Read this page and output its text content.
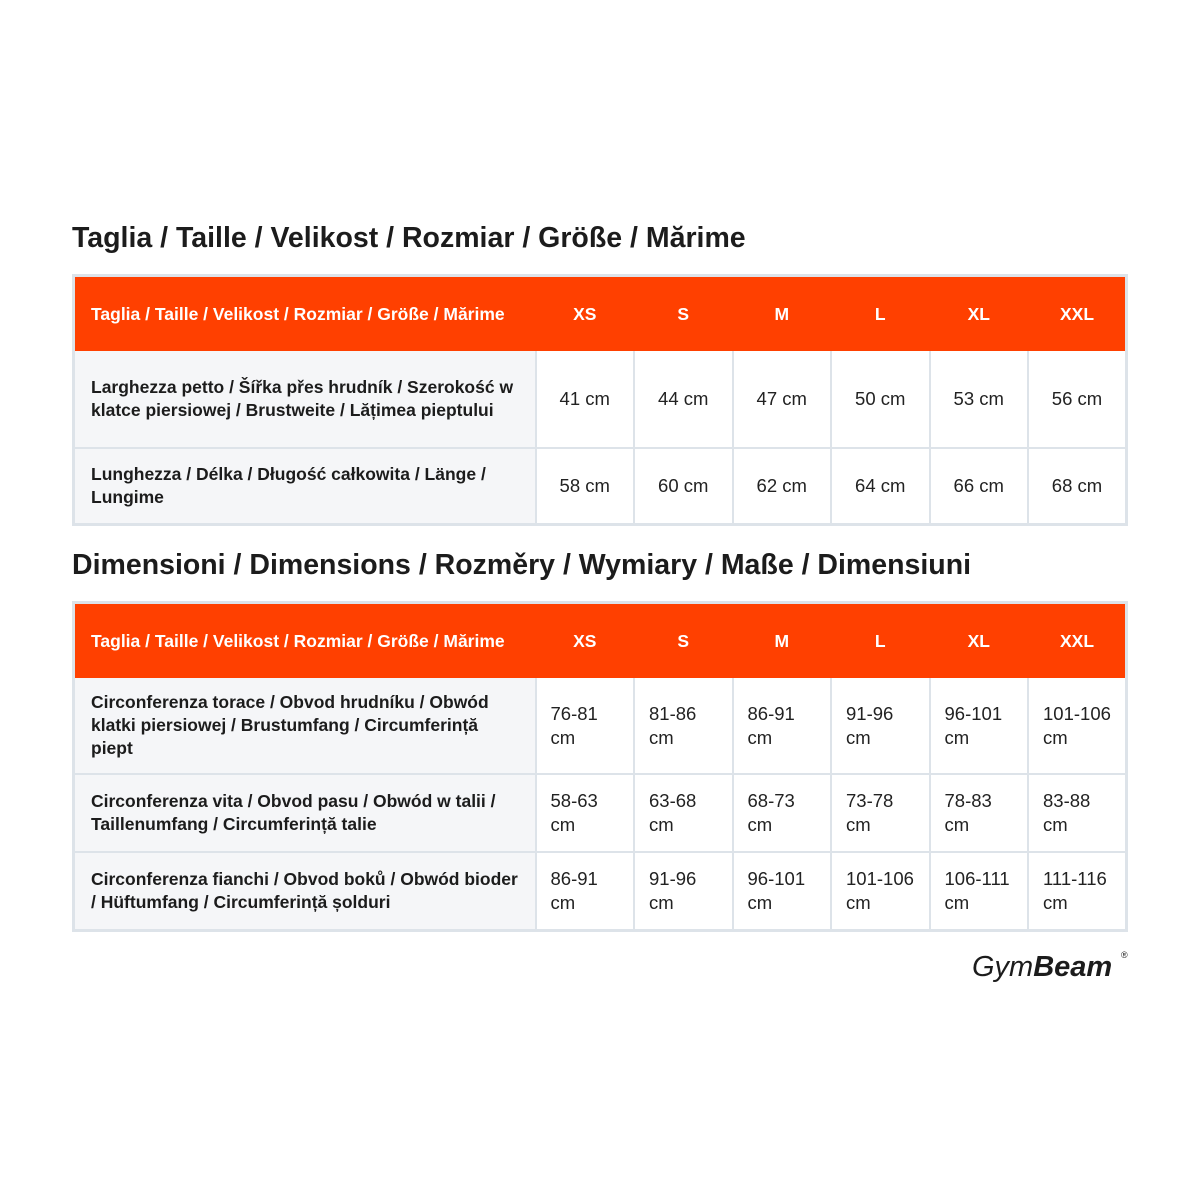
Taglia / Taille / Velikost / Rozmiar / Größe / Mărime
Taglia / Taille / Velikost / Rozmiar / Größe / Mărime	XS	S	M	L	XL	XXL
Larghezza petto / Šířka přes hrudník / Szerokość w klatce piersiowej / Brustweite / Lățimea pieptului	41 cm	44 cm	47 cm	50 cm	53 cm	56 cm
Lunghezza / Délka / Długość całkowita / Länge / Lungime	58 cm	60 cm	62 cm	64 cm	66 cm	68 cm
Dimensioni / Dimensions / Rozměry / Wymiary / Maße / Dimensiuni
Taglia / Taille / Velikost / Rozmiar / Größe / Mărime	XS	S	M	L	XL	XXL
Circonferenza torace / Obvod hrudníku / Obwód klatki piersiowej / Brustumfang / Circumferință piept	76-81 cm	81-86 cm	86-91 cm	91-96 cm	96-101 cm	101-106 cm
Circonferenza vita / Obvod pasu / Obwód w talii / Taillenumfang / Circumferință talie	58-63 cm	63-68 cm	68-73 cm	73-78 cm	78-83 cm	83-88 cm
Circonferenza fianchi / Obvod boků / Obwód bioder / Hüftumfang / Circumferință șolduri	86-91 cm	91-96 cm	96-101 cm	101-106 cm	106-111 cm	111-116 cm
GymBeam ®
